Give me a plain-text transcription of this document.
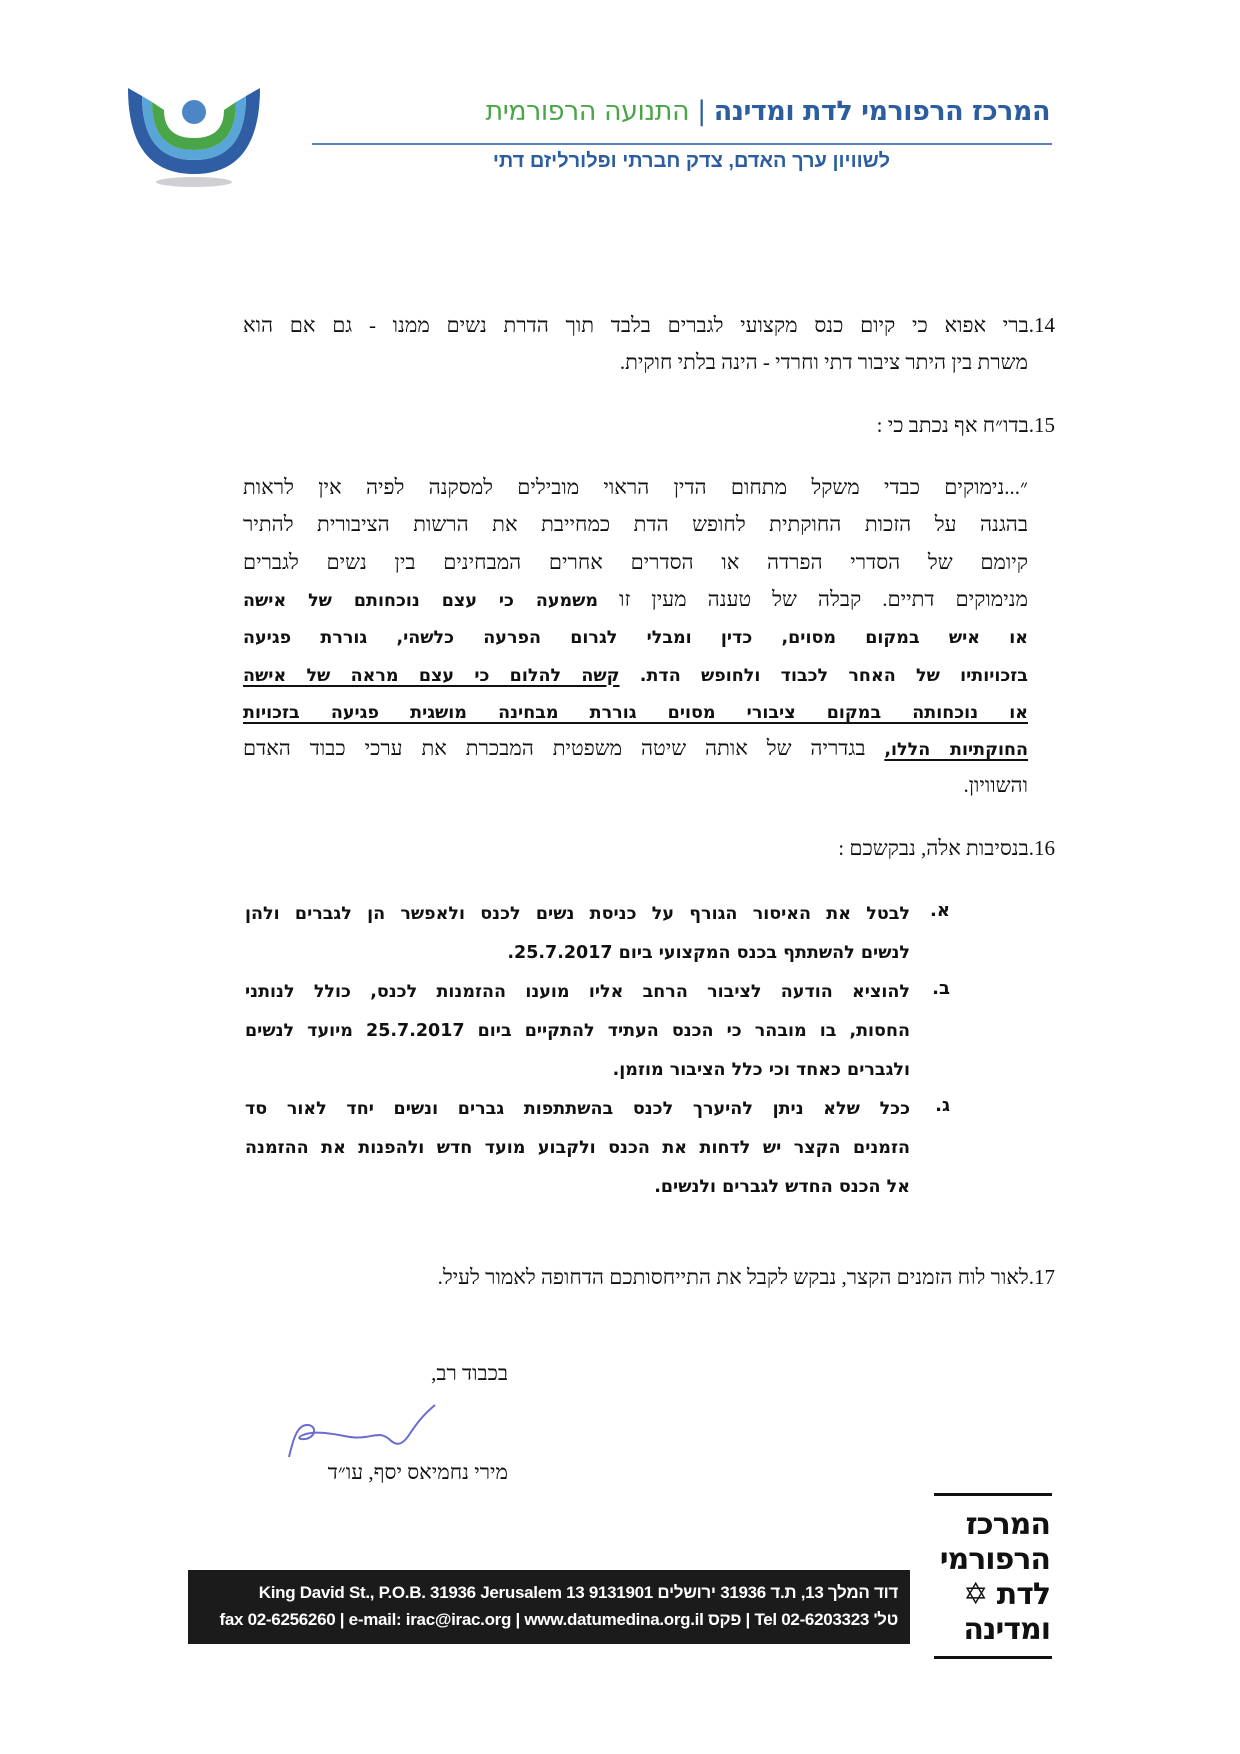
המרכז הרפורמי לדת ומדינה|התנועה הרפורמית
לשוויון ערך האדם, צדק חברתי ופלורליזם דתי
14.ברי אפוא כי קיום כנס מקצועי לגברים בלבד תוך הדרת נשים ממנו - גם אם הוא
משרת בין היתר ציבור דתי וחרדי - הינה בלתי חוקית.
15.בדו״ח אף נכתב כי :
״...נימוקים כבדי משקל מתחום הדין הראוי מובילים למסקנה לפיה אין לראות
בהגנה על הזכות החוקתית לחופש הדת כמחייבת את הרשות הציבורית להתיר
קיומם של הסדרי הפרדה או הסדרים אחרים המבחינים בין נשים לגברים
מנימוקים דתיים. קבלה של טענה מעין זו משמעה כי עצם נוכחותם של אישה
או איש במקום מסוים, כדין ומבלי לגרום הפרעה כלשהי, גוררת פגיעה
בזכויותיו של האחר לכבוד ולחופש הדת. קשה להלום כי עצם מראה של אישה
או נוכחותה במקום ציבורי מסוים גוררת מבחינה מושגית פגיעה בזכויות
החוקתיות הללו, בגדריה של אותה שיטה משפטית המבכרת את ערכי כבוד האדם
והשוויון.
16.בנסיבות אלה, נבקשכם :
א.
לבטל את האיסור הגורף על כניסת נשים לכנס ולאפשר הן לגברים ולהן
לנשים להשתתף בכנס המקצועי ביום 25.7.2017.
ב.
להוציא הודעה לציבור הרחב אליו מוענו ההזמנות לכנס, כולל לנותני
החסות, בו מובהר כי הכנס העתיד להתקיים ביום 25.7.2017 מיועד לנשים
ולגברים כאחד וכי כלל הציבור מוזמן.
ג.
ככל שלא ניתן להיערך לכנס בהשתתפות גברים ונשים יחד לאור סד
הזמנים הקצר יש לדחות את הכנס ולקבוע מועד חדש ולהפנות את ההזמנה
אל הכנס החדש לגברים ולנשים.
17.לאור לוח הזמנים הקצר, נבקש לקבל את התייחסותכם הדחופה לאמור לעיל.
בכבוד רב,
מירי נחמיאס יסף, עו״ד
דוד המלך 13, ת.ד 31936 ירושלים 9131901 King David St., P.O.B. 31936 Jerusalem 13
טל' Tel 02-6203323 | פקס fax 02-6256260 | e-mail: irac@irac.org | www.datumedina.org.il
המרכז
הרפורמי
לדת ✡
ומדינה
